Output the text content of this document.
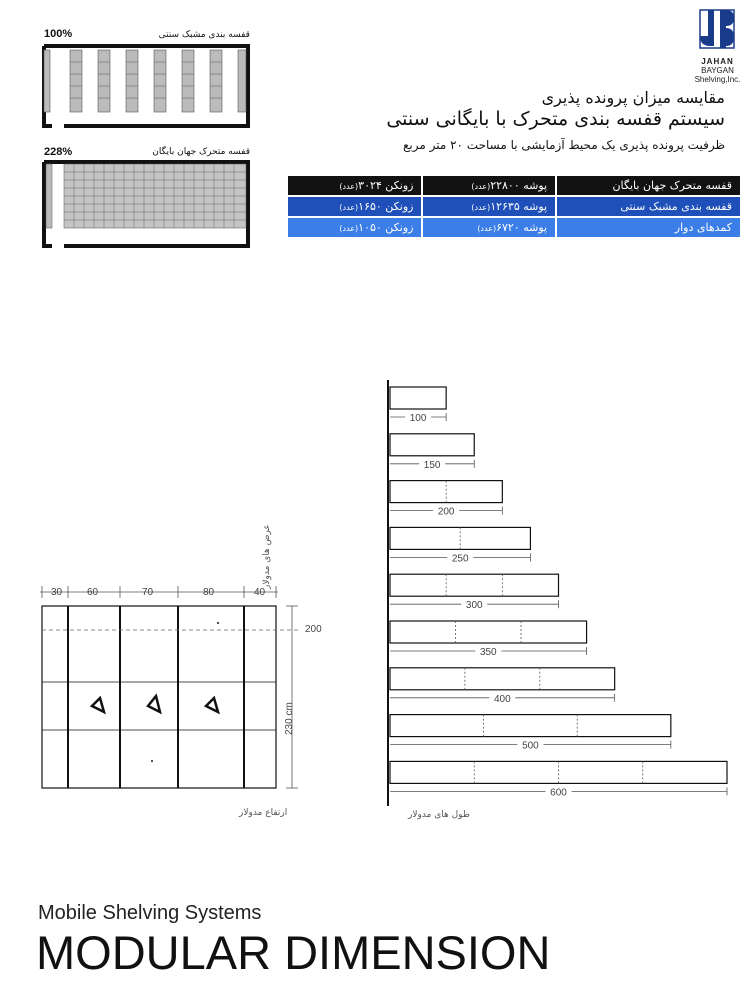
JAHAN
BAYGAN
Shelving,Inc.
مقایسه میزان پرونده پذیری
سیستم قفسه بندی متحرک با بایگانی سنتی
ظرفیت پرونده پذیری یک محیط آزمایشی با مساحت ۲۰ متر مربع
100%	قفسه بندی مشبک سنتی
228%	قفسه متحرک جهان بایگان
قفسه متحرک جهان بایگان	پوشه ۲۲۸۰۰(عدد)	زونکن ۳۰۲۴(عدد)
قفسه بندی مشبک سنتی	پوشه ۱۲۶۳۵(عدد)	زونکن ۱۶۵۰(عدد)
کمدهای دوار	پوشه ۶۷۲۰(عدد)	زونکن ۱۰۵۰(عدد)
عرض های مدولار
30 60	70	80	40
200
230 cm
ارتفاع مدولار
100
150
200
250
300
350
400
500
600
طول های مدولار
Mobile Shelving Systems
MODULAR DIMENSION
